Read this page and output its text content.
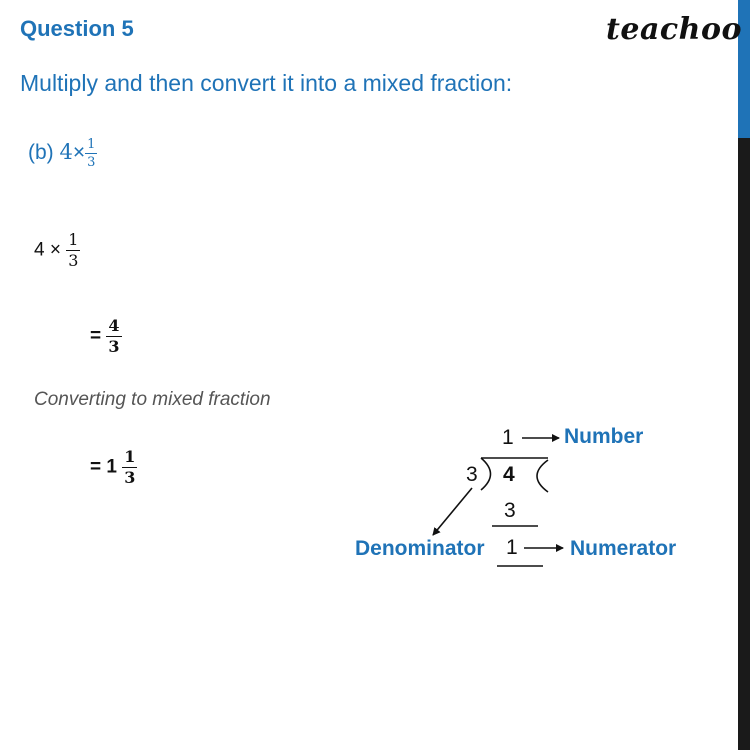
Question 5	teachoo
Multiply and then convert it into a mixed fraction:
(b) $4\times \frac{1}{3}$
$4 \times \frac{1}{3}$
= $\frac{4}{3}$
Converting to mixed fraction
= $1 \frac{1}{3}$
1
3 4
3
1
Number
Denominator	Numerator
